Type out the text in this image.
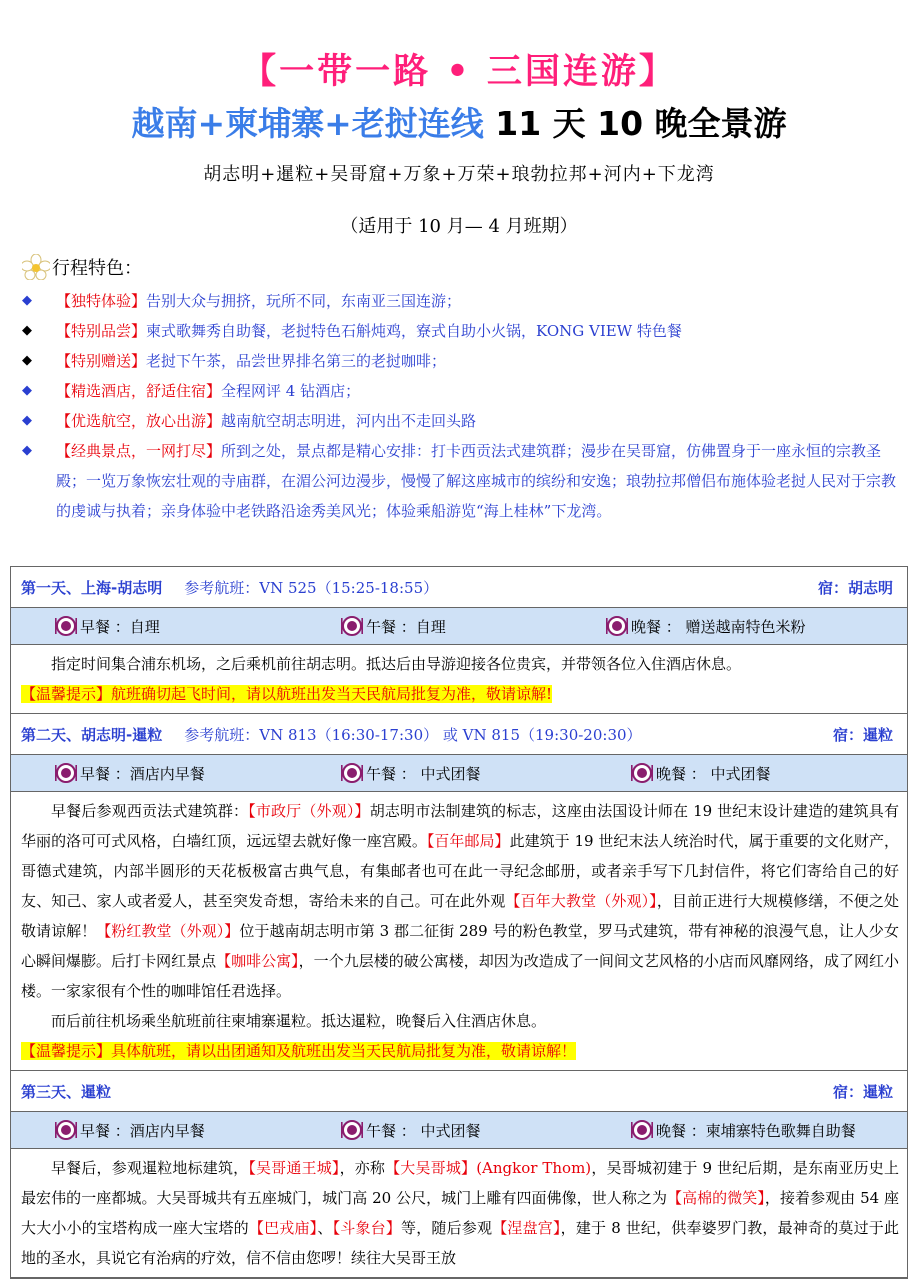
【一带一路 • 三国连游】
越南+柬埔寨+老挝连线 11 天 10 晚全景游
胡志明+暹粒+吴哥窟+万象+万荣+琅勃拉邦+河内+下龙湾
（适用于 10 月— 4 月班期）
行程特色：
◆ 【独特体验】告别大众与拥挤，玩所不同，东南亚三国连游；
◆ 【特别品尝】柬式歌舞秀自助餐，老挝特色石斛炖鸡，寮式自助小火锅，KONG VIEW 特色餐
◆ 【特别赠送】老挝下午茶，品尝世界排名第三的老挝咖啡；
◆ 【精选酒店，舒适住宿】全程网评 4 钻酒店；
◆ 【优选航空，放心出游】越南航空胡志明进，河内出不走回头路
◆ 【经典景点，一网打尽】所到之处，景点都是精心安排：打卡西贡法式建筑群；漫步在吴哥窟，仿佛置身于一座永恒的宗教圣殿；一览万象恢宏壮观的寺庙群，在湄公河边漫步，慢慢了解这座城市的缤纷和安逸；琅勃拉邦僧侣布施体验老挝人民对于宗教的虔诚与执着；亲身体验中老铁路沿途秀美风光；体验乘船游览“海上桂林”下龙湾。
第一天、上海-胡志明 参考航班：VN 525（15:25-18:55）	宿：胡志明
早餐 ：自理	午餐 ：自理	晚餐 ： 赠送越南特色米粉

指定时间集合浦东机场，之后乘机前往胡志明。抵达后由导游迎接各位贵宾，并带领各位入住酒店休息。

【温馨提示】航班确切起飞时间，请以航班出发当天民航局批复为准，敬请谅解!
第二天、胡志明-暹粒 参考航班：VN 813（16:30-17:30） 或 VN 815（19:30-20:30）	宿：暹粒
早餐 ：酒店内早餐	午餐 ： 中式团餐	晚餐 ： 中式团餐

早餐后参观西贡法式建筑群：【市政厅（外观）】胡志明市法制建筑的标志，这座由法国设计师在 19 世纪末设计建造的建筑具有华丽的洛可可式风格，白墙红顶，远远望去就好像一座宫殿。【百年邮局】此建筑于 19 世纪末法人统治时代，属于重要的文化财产，哥德式建筑，内部半圆形的天花板极富古典气息，有集邮者也可在此一寻纪念邮册，或者亲手写下几封信件，将它们寄给自己的好友、知己、家人或者爱人，甚至突发奇想，寄给未来的自己。可在此外观【百年大教堂（外观）】，目前正进行大规模修缮，不便之处敬请谅解！【粉红教堂（外观）】位于越南胡志明市第 3 郡二征街 289 号的粉色教堂，罗马式建筑，带有神秘的浪漫气息，让人少女心瞬间爆膨。后打卡网红景点【咖啡公寓】，一个九层楼的破公寓楼，却因为改造成了一间间文艺风格的小店而风靡网络，成了网红小楼。一家家很有个性的咖啡馆任君选择。

而后前往机场乘坐航班前往柬埔寨暹粒。抵达暹粒，晚餐后入住酒店休息。

【温馨提示】具体航班，请以出团通知及航班出发当天民航局批复为准，敬请谅解！
第三天、暹粒	宿：暹粒
早餐 ：酒店内早餐	午餐 ： 中式团餐	晚餐 ：柬埔寨特色歌舞自助餐

早餐后，参观暹粒地标建筑，【吴哥通王城】，亦称【大吴哥城】(Angkor Thom)，吴哥城初建于 9 世纪后期，是东南亚历史上最宏伟的一座都城。大吴哥城共有五座城门，城门高 20 公尺，城门上雕有四面佛像，世人称之为【高棉的微笑】，接着参观由 54 座大大小小的宝塔构成一座大宝塔的【巴戎庙】、【斗象台】等，随后参观【涅盘宫】，建于 8 世纪，供奉婆罗门教，最神奇的莫过于此地的圣水，具说它有治病的疗效，信不信由您啰！续往大吴哥王放
